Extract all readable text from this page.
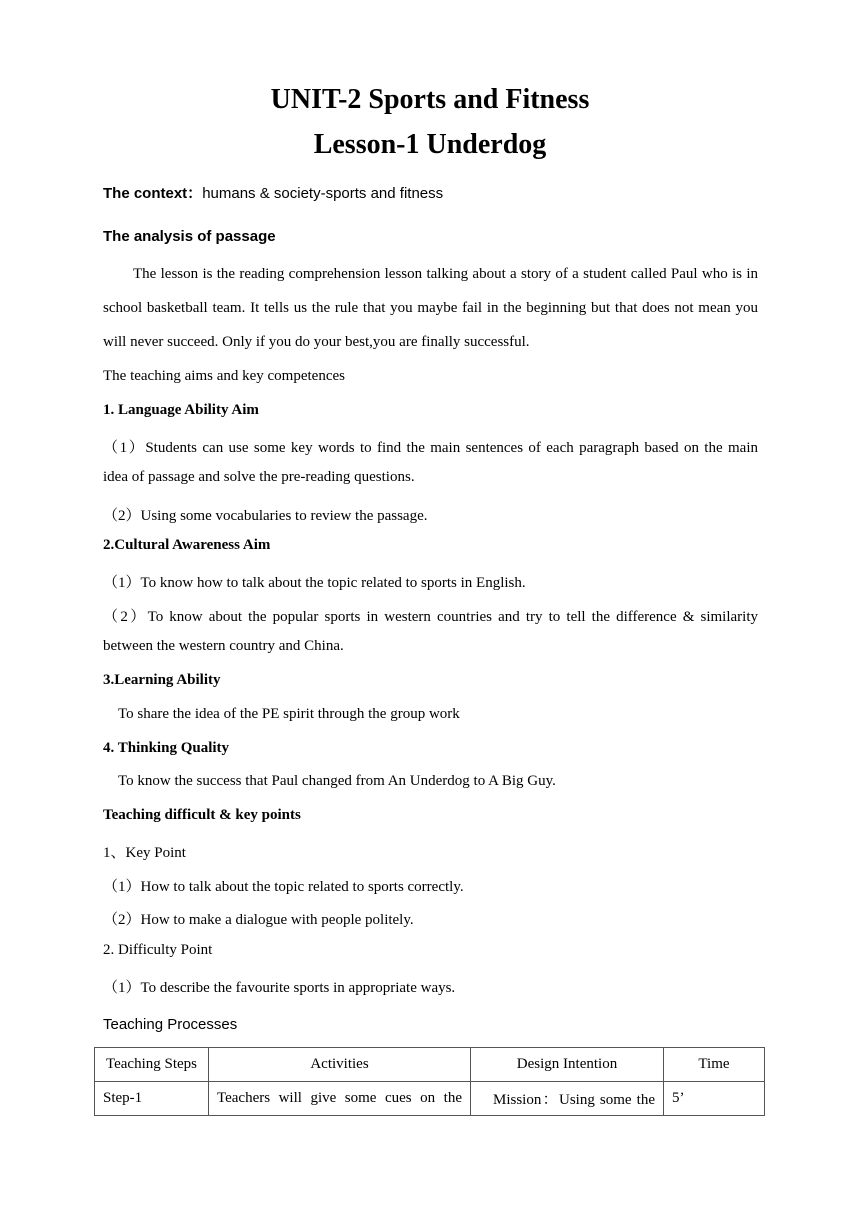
UNIT-2 Sports and Fitness
Lesson-1 Underdog
The context：humans & society-sports and fitness
The analysis of passage
The lesson is the reading comprehension lesson talking about a story of a student called Paul who is in
school basketball team. It tells us the rule that you maybe fail in the beginning but that does not mean you
will never succeed. Only if you do your best,you are finally successful.
The teaching aims and key competences
1. Language Ability Aim
（1）Students can use some key words to find the main sentences of each paragraph based on the main
idea of passage and solve the pre-reading questions.
（2）Using some vocabularies to review the passage.
2.Cultural Awareness Aim
（1）To know how to talk about the topic related to sports in English.
（2）To know about the popular sports in western countries and try to tell the difference & similarity
between the western country and China.
3.Learning Ability
To share the idea of the PE spirit through the group work
4. Thinking Quality
To know the success that Paul changed from An Underdog to A Big Guy.
Teaching difficult & key points
1、Key Point
（1）How to talk about the topic related to sports correctly.
（2）How to make a dialogue with people politely.
2. Difficulty Point
（1）To describe the favourite sports in appropriate ways.
Teaching Processes
Teaching Steps	Activities	Design Intention	Time
Step-1	Teachers will give some cues on the	Mission：Using some the	5’
